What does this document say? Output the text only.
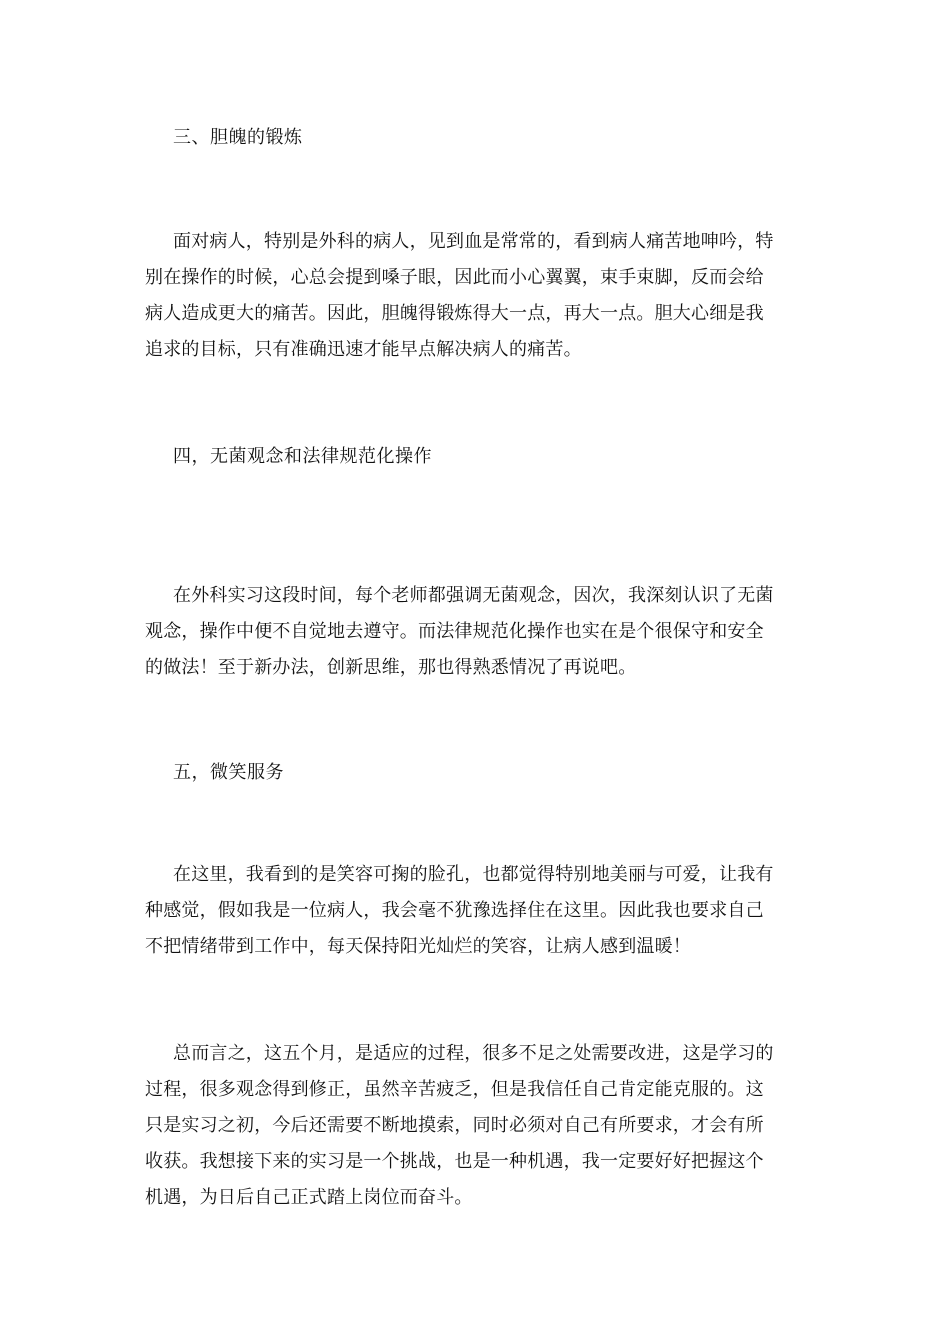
三、胆魄的锻炼
面对病人，特别是外科的病人，见到血是常常的，看到病人痛苦地呻吟，特
别在操作的时候，心总会提到嗓子眼，因此而小心翼翼，束手束脚，反而会给
病人造成更大的痛苦。因此，胆魄得锻炼得大一点，再大一点。胆大心细是我
追求的目标，只有准确迅速才能早点解决病人的痛苦。
四，无菌观念和法律规范化操作
在外科实习这段时间，每个老师都强调无菌观念，因次，我深刻认识了无菌
观念，操作中便不自觉地去遵守。而法律规范化操作也实在是个很保守和安全
的做法！至于新办法，创新思维，那也得熟悉情况了再说吧。
五，微笑服务
在这里，我看到的是笑容可掬的脸孔，也都觉得特别地美丽与可爱，让我有
种感觉，假如我是一位病人，我会毫不犹豫选择住在这里。因此我也要求自己
不把情绪带到工作中，每天保持阳光灿烂的笑容，让病人感到温暖！
总而言之，这五个月，是适应的过程，很多不足之处需要改进，这是学习的
过程，很多观念得到修正，虽然辛苦疲乏，但是我信任自己肯定能克服的。这
只是实习之初，今后还需要不断地摸索，同时必须对自己有所要求，才会有所
收获。我想接下来的实习是一个挑战，也是一种机遇，我一定要好好把握这个
机遇，为日后自己正式踏上岗位而奋斗。
